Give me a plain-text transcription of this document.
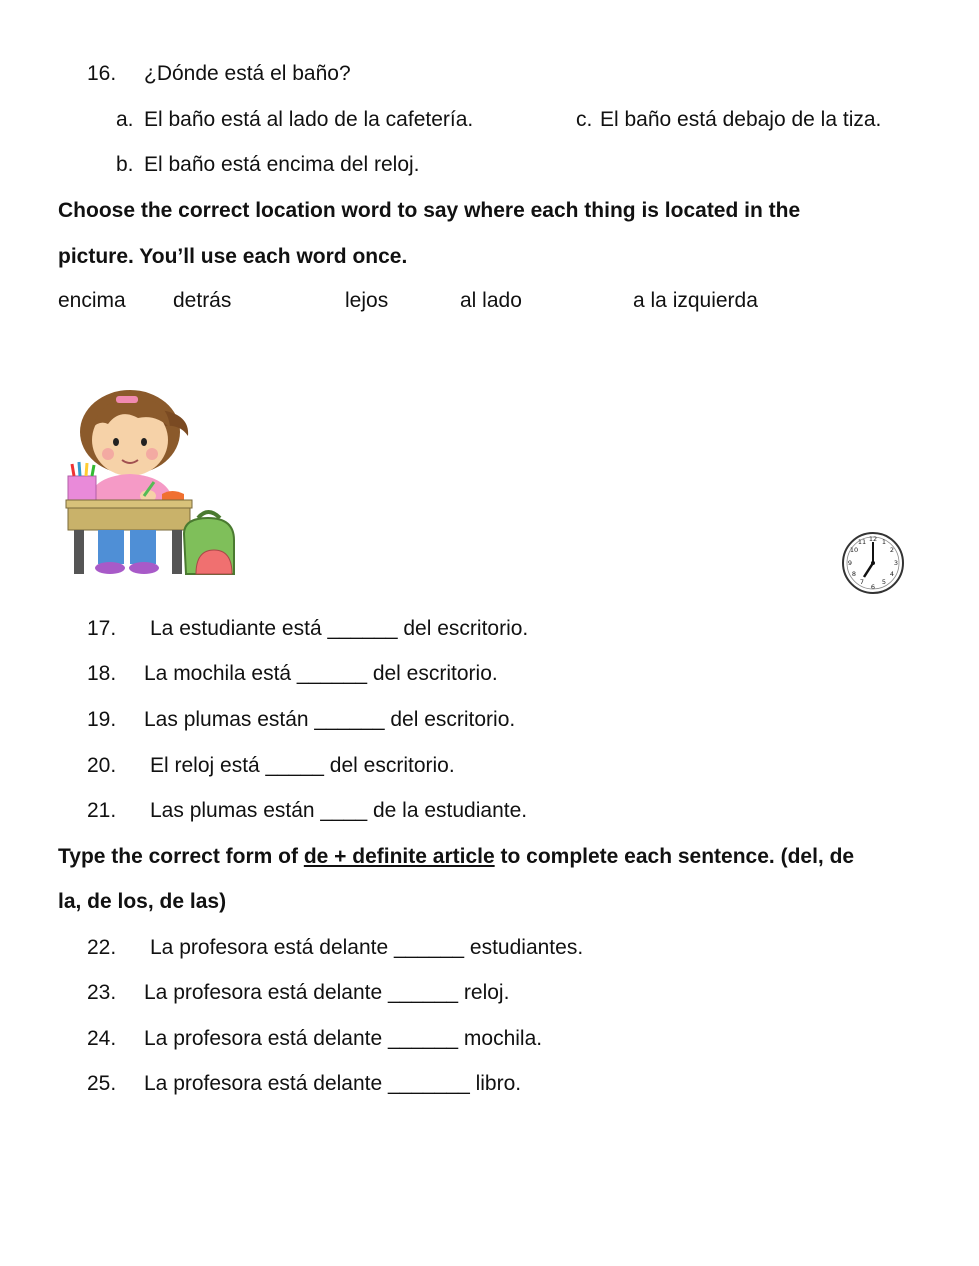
16. ¿Dónde está el baño?
a. El baño está al lado de la cafetería.	c. El baño está debajo de la tiza.
b. El baño está encima del reloj.
Choose the correct location word to say where each thing is located in the
picture. You’ll use each word once.
encima detrás	lejos	al lado	a la izquierda
12 1
2
3
4
5
6
7
8
9
10
11
17. La estudiante está ______ del escritorio.
18. La mochila está ______ del escritorio.
19. Las plumas están ______ del escritorio.
20. El reloj está _____ del escritorio.
21. Las plumas están ____ de la estudiante.
Type the correct form of de + definite article to complete each sentence. (del, de
la, de los, de las)
22. La profesora está delante ______ estudiantes.
23. La profesora está delante ______ reloj.
24. La profesora está delante ______ mochila.
25. La profesora está delante _______ libro.
